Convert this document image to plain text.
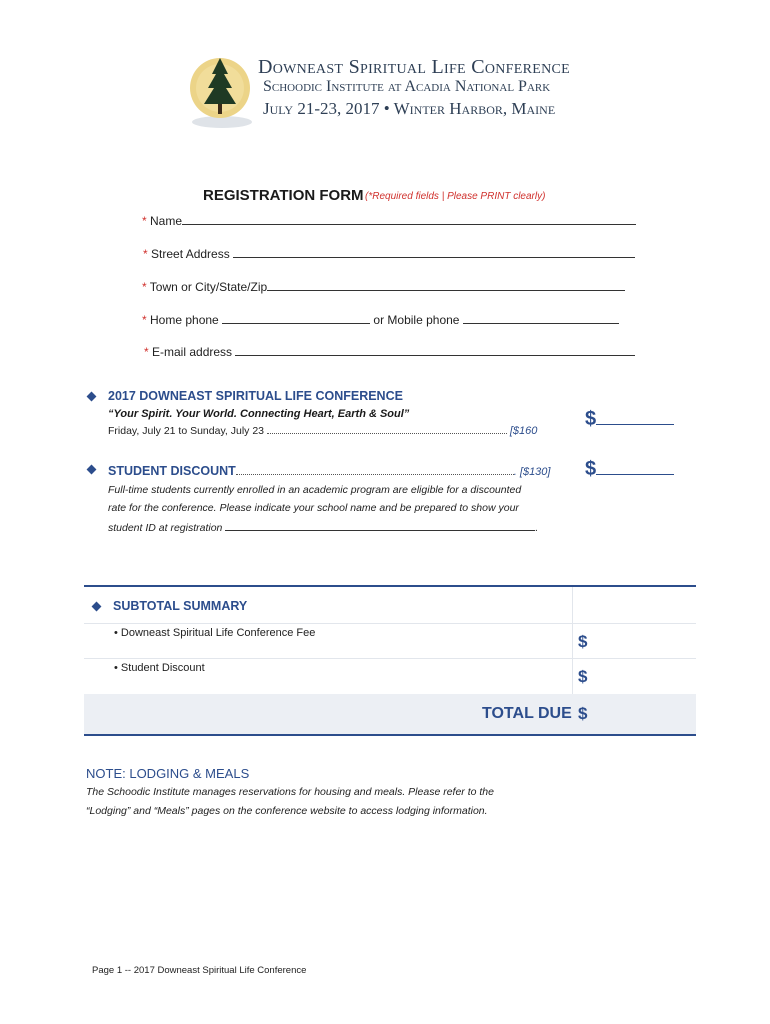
Downeast Spiritual Life Conference
Schoodic Institute at Acadia National Park
July 21-23, 2017 • Winter Harbor, Maine
REGISTRATION FORM (*Required fields | Please PRINT clearly)
* Name
* Street Address
* Town or City/State/Zip
* Home phone	or Mobile phone
* E-mail address
2017 DOWNEAST SPIRITUAL LIFE CONFERENCE
“Your Spirit. Your World. Connecting Heart, Earth & Soul”
Friday, July 21 to Sunday, July 23	[$160
$
STUDENT DISCOUNT	. [$130] $
Full-time students currently enrolled in an academic program are eligible for a discounted
rate for the conference. Please indicate your school name and be prepared to show your
student ID at registration	.
SUBTOTAL SUMMARY
• Downeast Spiritual Life Conference Fee	$
• Student Discount	$
TOTAL DUE $
NOTE: LODGING & MEALS
The Schoodic Institute manages reservations for housing and meals. Please refer to the
“Lodging” and “Meals” pages on the conference website to access lodging information.
Page 1 -- 2017 Downeast Spiritual Life Conference
